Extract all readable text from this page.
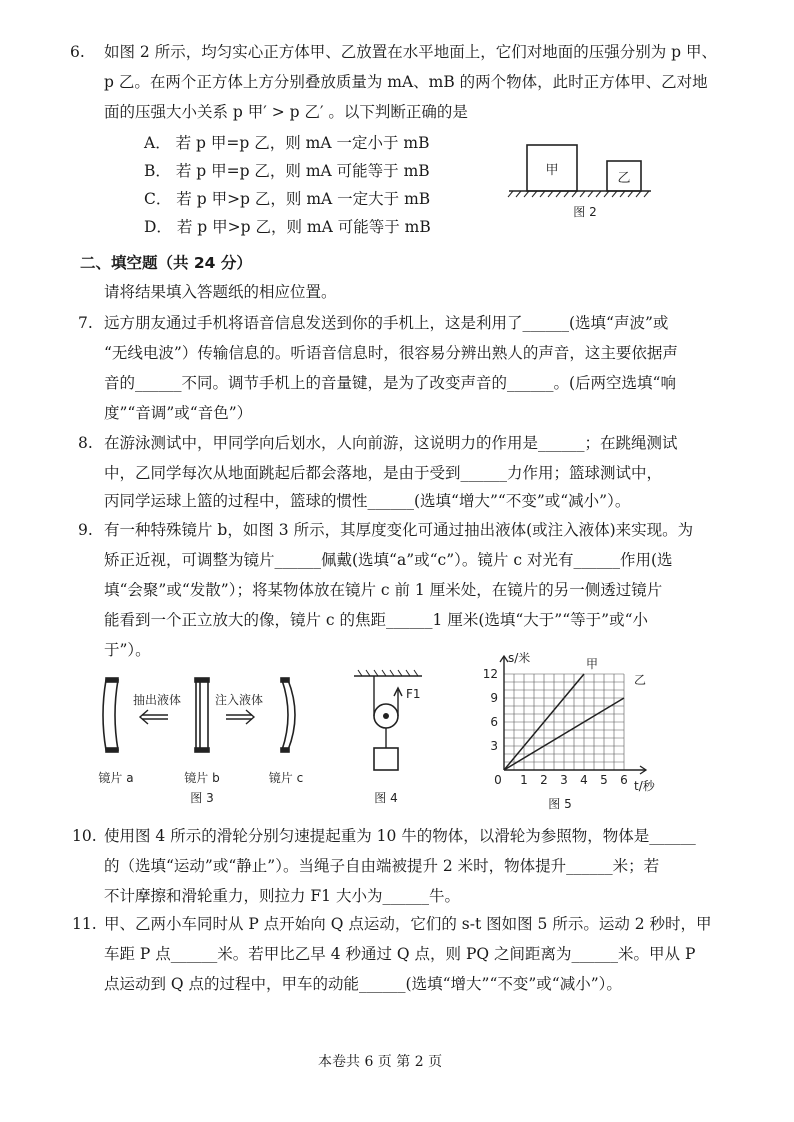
6. 如图 2 所示，均匀实心正方体甲、乙放置在水平地面上，它们对地面的压强分别为 p 甲、
p 乙。在两个正方体上方分别叠放质量为 mA、mB 的两个物体，此时正方体甲、乙对地
面的压强大小关系 p 甲′ > p 乙′ 。以下判断正确的是
A． 若 p 甲=p 乙，则 mA 一定小于 mB
B． 若 p 甲=p 乙，则 mA 可能等于 mB
C． 若 p 甲>p 乙，则 mA 一定大于 mB
D． 若 p 甲>p 乙，则 mA 可能等于 mB
甲
乙
图 2
二、填空题（共 24 分）
请将结果填入答题纸的相应位置。
7. 远方朋友通过手机将语音信息发送到你的手机上，这是利用了______(选填“声波”或
“无线电波”）传输信息的。听语音信息时，很容易分辨出熟人的声音，这主要依据声
音的______不同。调节手机上的音量键，是为了改变声音的______。(后两空选填“响
度”“音调”或“音色”）
8. 在游泳测试中，甲同学向后划水，人向前游，这说明力的作用是______；在跳绳测试
中，乙同学每次从地面跳起后都会落地，是由于受到______力作用；篮球测试中，
丙同学运球上篮的过程中，篮球的惯性______(选填“增大”“不变”或“减小”）。
9. 有一种特殊镜片 b，如图 3 所示，其厚度变化可通过抽出液体(或注入液体)来实现。为
矫正近视，可调整为镜片______佩戴(选填“a”或“c”）。镜片 c 对光有______作用(选
填“会聚”或“发散”）；将某物体放在镜片 c 前 1 厘米处，在镜片的另一侧透过镜片
能看到一个正立放大的像，镜片 c 的焦距______1 厘米(选填“大于”“等于”或“小
于”）。
抽出液体	注入液体
镜片 a	镜片 b	镜片 c
图 3
F1
图 4
0 1 2 3 4 5 6
3
6
9
12
甲
乙
s/米
t/秒
图 5
10. 使用图 4 所示的滑轮分别匀速提起重为 10 牛的物体，以滑轮为参照物，物体是______
的（选填“运动”或“静止”）。当绳子自由端被提升 2 米时，物体提升______米；若
不计摩擦和滑轮重力，则拉力 F1 大小为______牛。
11. 甲、乙两小车同时从 P 点开始向 Q 点运动，它们的 s-t 图如图 5 所示。运动 2 秒时，甲
车距 P 点______米。若甲比乙早 4 秒通过 Q 点，则 PQ 之间距离为______米。甲从 P
点运动到 Q 点的过程中，甲车的动能______(选填“增大”“不变”或“减小”）。
本卷共 6 页 第 2 页
